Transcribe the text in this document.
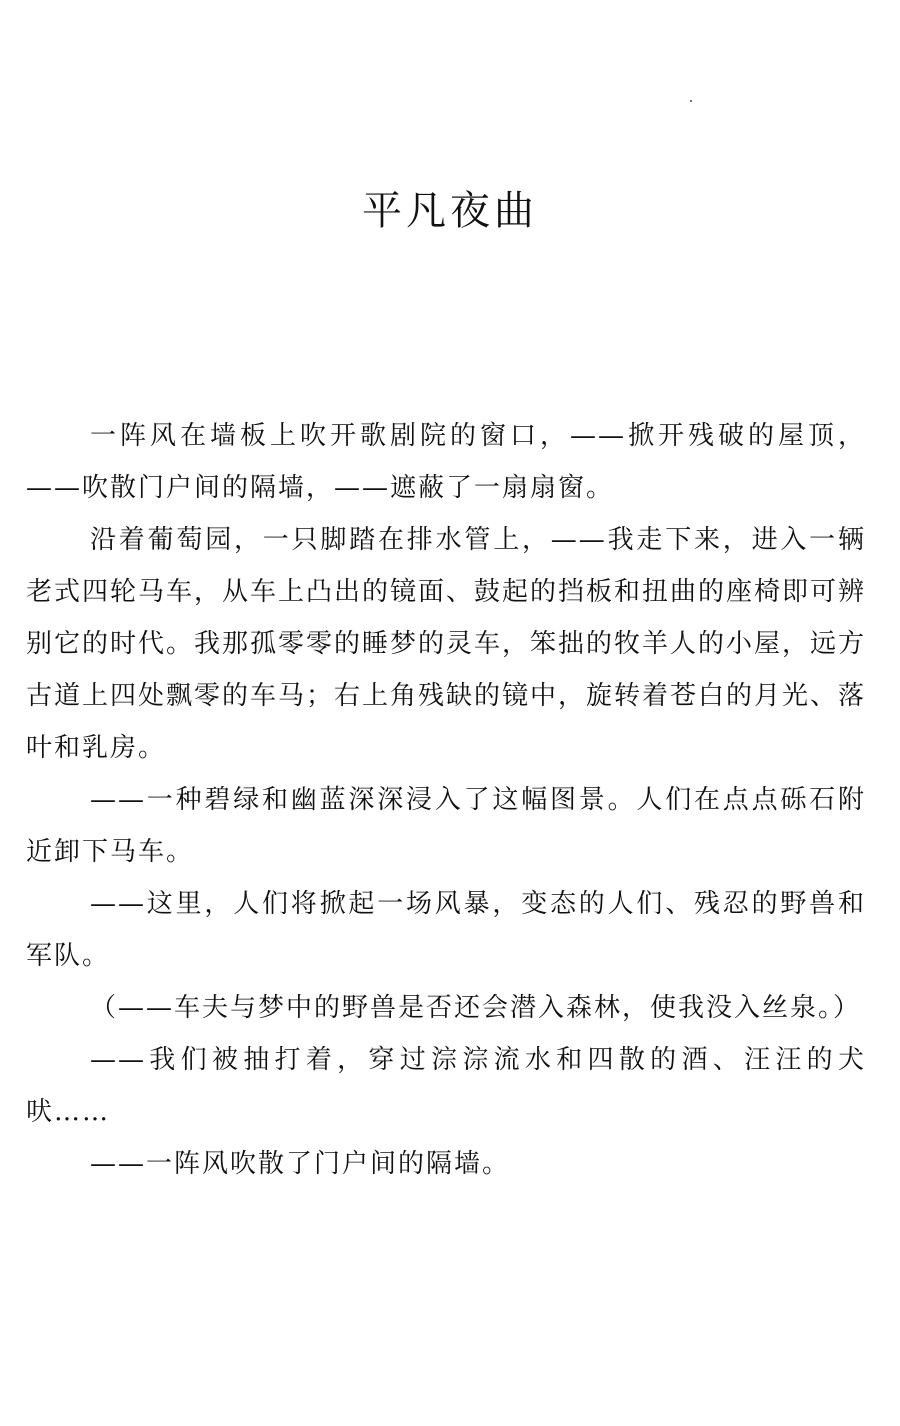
平凡夜曲

一阵风在墙板上吹开歌剧院的窗口，——掀开残破的屋顶，——吹散门户间的隔墙，——遮蔽了一扇扇窗。

沿着葡萄园，一只脚踏在排水管上，——我走下来，进入一辆老式四轮马车，从车上凸出的镜面、鼓起的挡板和扭曲的座椅即可辨别它的时代。我那孤零零的睡梦的灵车，笨拙的牧羊人的小屋，远方古道上四处飘零的车马；右上角残缺的镜中，旋转着苍白的月光、落叶和乳房。

——一种碧绿和幽蓝深深浸入了这幅图景。人们在点点砾石附近卸下马车。

——这里，人们将掀起一场风暴，变态的人们、残忍的野兽和军队。

（——车夫与梦中的野兽是否还会潜入森林，使我没入丝泉。）

——我们被抽打着，穿过淙淙流水和四散的酒、汪汪的犬吠……

——一阵风吹散了门户间的隔墙。
